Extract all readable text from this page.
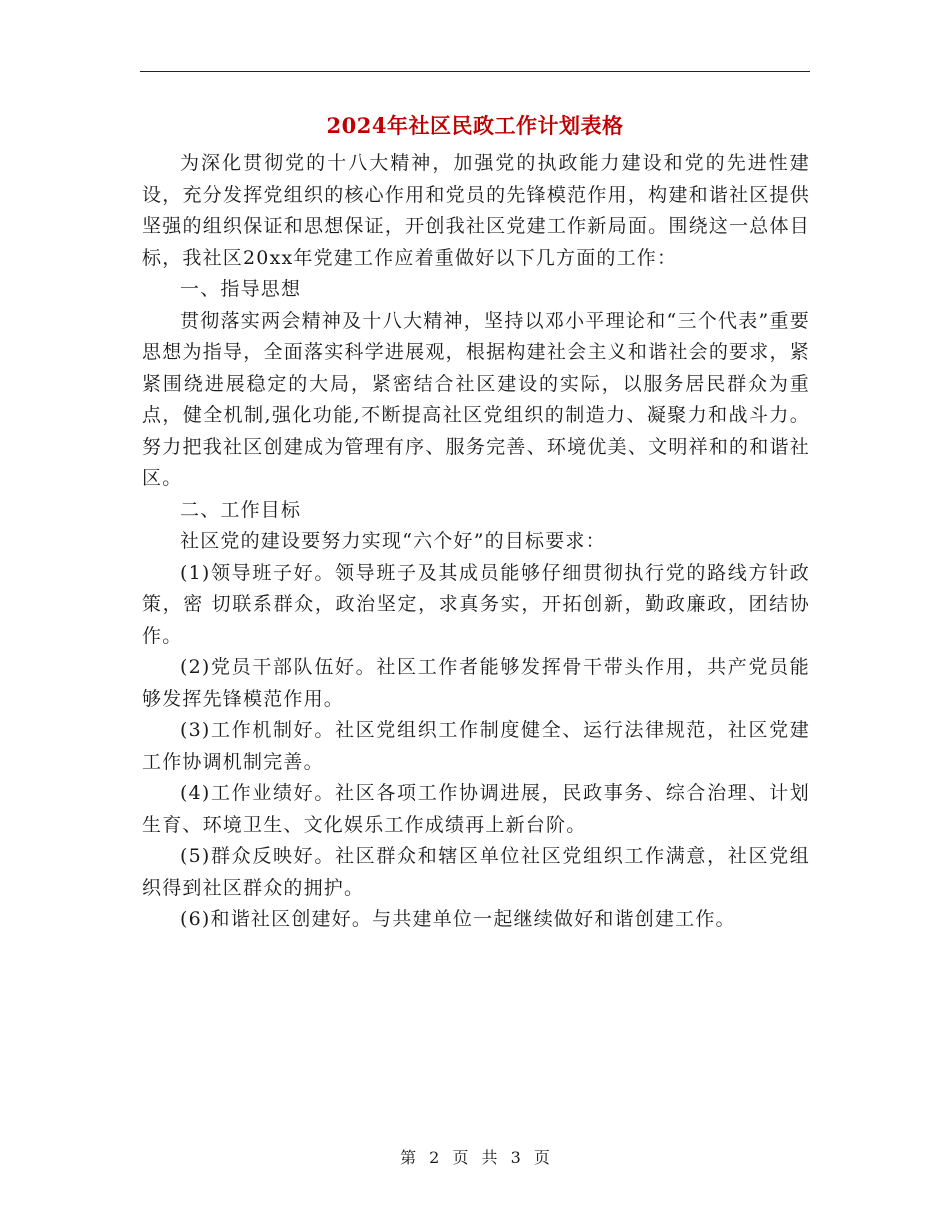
2024年社区民政工作计划表格

为深化贯彻党的十八大精神，加强党的执政能力建设和党的先进性建设，充分发挥党组织的核心作用和党员的先锋模范作用，构建和谐社区提供坚强的组织保证和思想保证，开创我社区党建工作新局面。围绕这一总体目标，我社区20xx年党建工作应着重做好以下几方面的工作：

一、指导思想

贯彻落实两会精神及十八大精神，坚持以邓小平理论和“三个代表”重要思想为指导，全面落实科学进展观，根据构建社会主义和谐社会的要求，紧紧围绕进展稳定的大局，紧密结合社区建设的实际，以服务居民群众为重点，健全机制,强化功能,不断提高社区党组织的制造力、凝聚力和战斗力。努力把我社区创建成为管理有序、服务完善、环境优美、文明祥和的和谐社区。

二、工作目标

社区党的建设要努力实现“六个好”的目标要求：

(1)领导班子好。领导班子及其成员能够仔细贯彻执行党的路线方针政策，密 切联系群众，政治坚定，求真务实，开拓创新，勤政廉政，团结协作。

(2)党员干部队伍好。社区工作者能够发挥骨干带头作用，共产党员能够发挥先锋模范作用。

(3)工作机制好。社区党组织工作制度健全、运行法律规范，社区党建工作协调机制完善。

(4)工作业绩好。社区各项工作协调进展，民政事务、综合治理、计划生育、环境卫生、文化娱乐工作成绩再上新台阶。

(5)群众反映好。社区群众和辖区单位社区党组织工作满意，社区党组织得到社区群众的拥护。

(6)和谐社区创建好。与共建单位一起继续做好和谐创建工作。

第 2 页 共 3 页
